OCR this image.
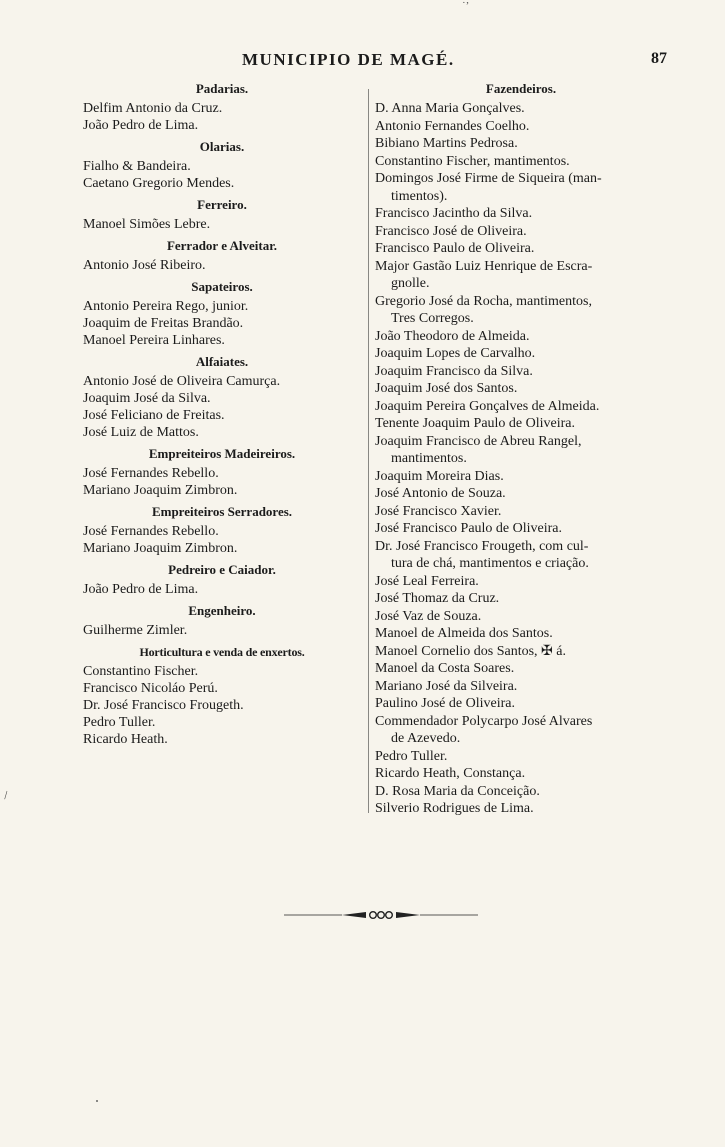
˙ʼ
\
MUNICIPIO DE MAGÉ.	87
Padarias.
Delfim Antonio da Cruz.
João Pedro de Lima.
Olarias.
Fialho & Bandeira.
Caetano Gregorio Mendes.
Ferreiro.
Manoel Simões Lebre.
Ferrador e Alveitar.
Antonio José Ribeiro.
Sapateiros.
Antonio Pereira Rego, junior.
Joaquim de Freitas Brandão.
Manoel Pereira Linhares.
Alfaiates.
Antonio José de Oliveira Camurça.
Joaquim José da Silva.
José Feliciano de Freitas.
José Luiz de Mattos.
Empreiteiros Madeireiros.
José Fernandes Rebello.
Mariano Joaquim Zimbron.
Empreiteiros Serradores.
José Fernandes Rebello.
Mariano Joaquim Zimbron.
Pedreiro e Caiador.
João Pedro de Lima.
Engenheiro.
Guilherme Zimler.
Horticultura e venda de enxertos.
Constantino Fischer.
Francisco Nicoláo Perú.
Dr. José Francisco Frougeth.
Pedro Tuller.
Ricardo Heath.
Fazendeiros.
D. Anna Maria Gonçalves.
Antonio Fernandes Coelho.
Bibiano Martins Pedrosa.
Constantino Fischer, mantimentos.
Domingos José Firme de Siqueira (man-
timentos).
Francisco Jacintho da Silva.
Francisco José de Oliveira.
Francisco Paulo de Oliveira.
Major Gastão Luiz Henrique de Escra-
gnolle.
Gregorio José da Rocha, mantimentos,
Tres Corregos.
João Theodoro de Almeida.
Joaquim Lopes de Carvalho.
Joaquim Francisco da Silva.
Joaquim José dos Santos.
Joaquim Pereira Gonçalves de Almeida.
Tenente Joaquim Paulo de Oliveira.
Joaquim Francisco de Abreu Rangel,
mantimentos.
Joaquim Moreira Dias.
José Antonio de Souza.
José Francisco Xavier.
José Francisco Paulo de Oliveira.
Dr. José Francisco Frougeth, com cul-
tura de chá, mantimentos e criação.
José Leal Ferreira.
José Thomaz da Cruz.
José Vaz de Souza.
Manoel de Almeida dos Santos.
Manoel Cornelio dos Santos, ✠ á.
Manoel da Costa Soares.
Mariano José da Silveira.
Paulino José de Oliveira.
Commendador Polycarpo José Alvares
de Azevedo.
Pedro Tuller.
Ricardo Heath, Constança.
D. Rosa Maria da Conceição.
Silverio Rodrigues de Lima.
